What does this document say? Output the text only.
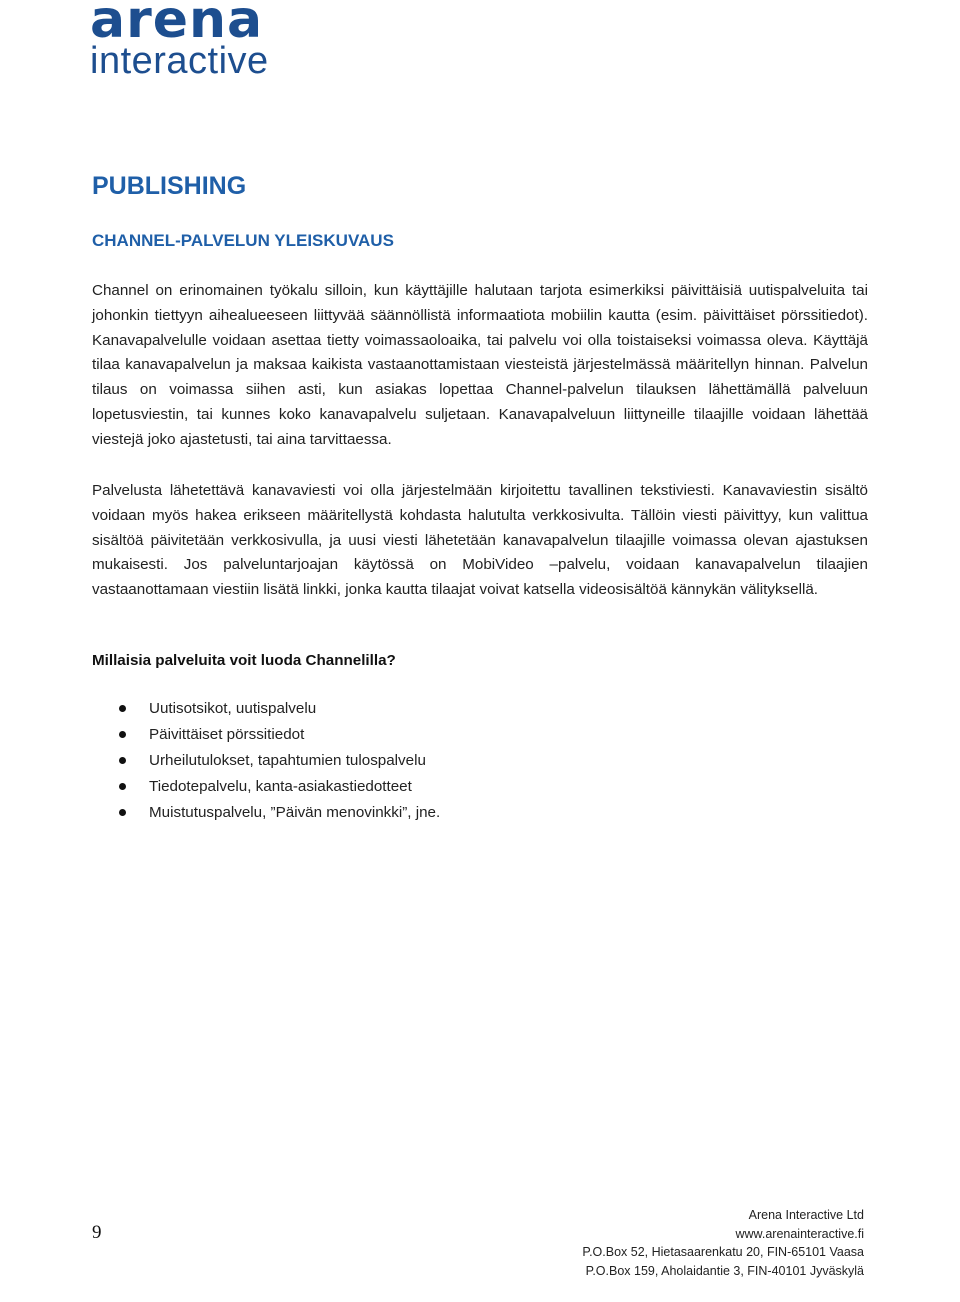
arena
interactive
PUBLISHING
CHANNEL-PALVELUN YLEISKUVAUS

Channel on erinomainen työkalu silloin, kun käyttäjille halutaan tarjota esimerkiksi päivittäisiä uutispalveluita tai johonkin tiettyyn aihealueeseen liittyvää säännöllistä informaatiota mobiilin kautta (esim. päivittäiset pörssitiedot). Kanavapalvelulle voidaan asettaa tietty voimassaoloaika, tai palvelu voi olla toistaiseksi voimassa oleva. Käyttäjä tilaa kanavapalvelun ja maksaa kaikista vastaanottamistaan viesteistä järjestelmässä määritellyn hinnan. Palvelun tilaus on voimassa siihen asti, kun asiakas lopettaa Channel-palvelun tilauksen lähettämällä palveluun lopetusviestin, tai kunnes koko kanavapalvelu suljetaan. Kanavapalveluun liittyneille tilaajille voidaan lähettää viestejä joko ajastetusti, tai aina tarvittaessa.

Palvelusta lähetettävä kanavaviesti voi olla järjestelmään kirjoitettu tavallinen tekstiviesti. Kanavaviestin sisältö voidaan myös hakea erikseen määritellystä kohdasta halutulta verkkosivulta. Tällöin viesti päivittyy, kun valittua sisältöä päivitetään verkkosivulla, ja uusi viesti lähetetään kanavapalvelun tilaajille voimassa olevan ajastuksen mukaisesti. Jos palveluntarjoajan käytössä on MobiVideo –palvelu, voidaan kanavapalvelun tilaajien vastaanottamaan viestiin lisätä linkki, jonka kautta tilaajat voivat katsella videosisältöä kännykän välityksellä.

Millaisia palveluita voit luoda Channelilla?

Uutisotsikot, uutispalvelu
Päivittäiset pörssitiedot
Urheilutulokset, tapahtumien tulospalvelu
Tiedotepalvelu, kanta-asiakastiedotteet
Muistutuspalvelu, ”Päivän menovinkki”, jne.
9
Arena Interactive Ltd
www.arenainteractive.fi
P.O.Box 52, Hietasaarenkatu 20, FIN-65101 Vaasa
P.O.Box 159, Aholaidantie 3, FIN-40101 Jyväskylä
